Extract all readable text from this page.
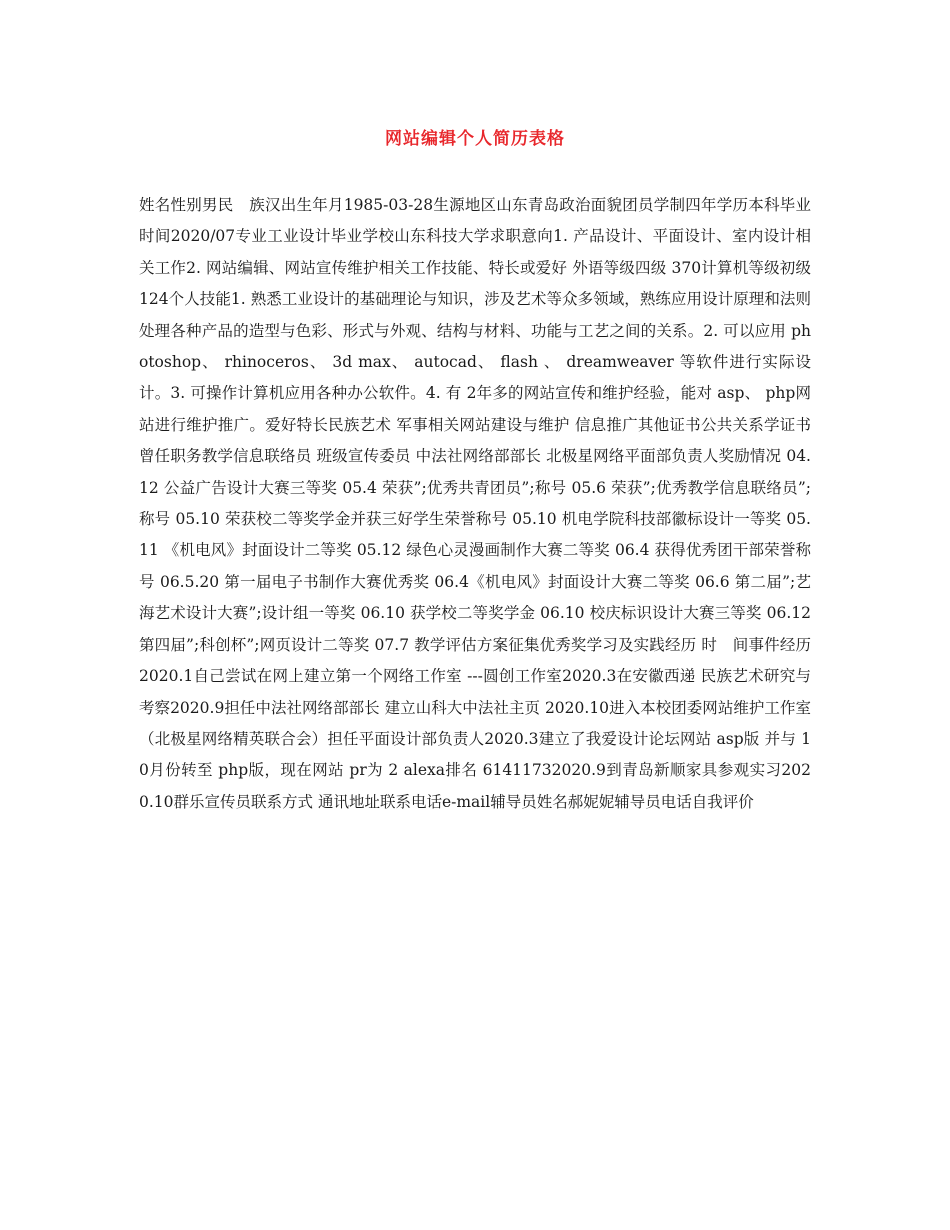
网站编辑个人简历表格

姓名性别男民　族汉出生年月1985-03-28生源地区山东青岛政治面貌团员学制四年学历本科毕业时间2020/07专业工业设计毕业学校山东科技大学求职意向1. 产品设计、平面设计、室内设计相关工作2. 网站编辑、网站宣传维护相关工作技能、特长或爱好 外语等级四级 370计算机等级初级 124个人技能1. 熟悉工业设计的基础理论与知识，涉及艺术等众多领域，熟练应用设计原理和法则处理各种产品的造型与色彩、形式与外观、结构与材料、功能与工艺之间的关系。2. 可以应用 photoshop、 rhinoceros、 3d max、 autocad、 flash 、 dreamweaver 等软件进行实际设计。3. 可操作计算机应用各种办公软件。4. 有 2年多的网站宣传和维护经验，能对 asp、 php网站进行维护推广。爱好特长民族艺术 军事相关网站建设与维护 信息推广其他证书公共关系学证书曾任职务教学信息联络员 班级宣传委员 中法社网络部部长 北极星网络平面部负责人奖励情况 04.12 公益广告设计大赛三等奖 05.4 荣获”;优秀共青团员”;称号 05.6 荣获”;优秀教学信息联络员”;称号 05.10 荣获校二等奖学金并获三好学生荣誉称号 05.10 机电学院科技部徽标设计一等奖 05.11 《机电风》封面设计二等奖 05.12 绿色心灵漫画制作大赛二等奖 06.4 获得优秀团干部荣誉称号 06.5.20 第一届电子书制作大赛优秀奖 06.4《机电风》封面设计大赛二等奖 06.6 第二届”;艺海艺术设计大赛”;设计组一等奖 06.10 获学校二等奖学金 06.10 校庆标识设计大赛三等奖 06.12 第四届”;科创杯”;网页设计二等奖 07.7 教学评估方案征集优秀奖学习及实践经历 时　间事件经历2020.1自己尝试在网上建立第一个网络工作室 ---圆创工作室2020.3在安徽西递 民族艺术研究与考察2020.9担任中法社网络部部长 建立山科大中法社主页 2020.10进入本校团委网站维护工作室（北极星网络精英联合会）担任平面设计部负责人2020.3建立了我爱设计论坛网站 asp版 并与 10月份转至 php版，现在网站 pr为 2 alexa排名 61411732020.9到青岛新顺家具参观实习2020.10群乐宣传员联系方式 通讯地址联系电话e-mail辅导员姓名郝妮妮辅导员电话自我评价
